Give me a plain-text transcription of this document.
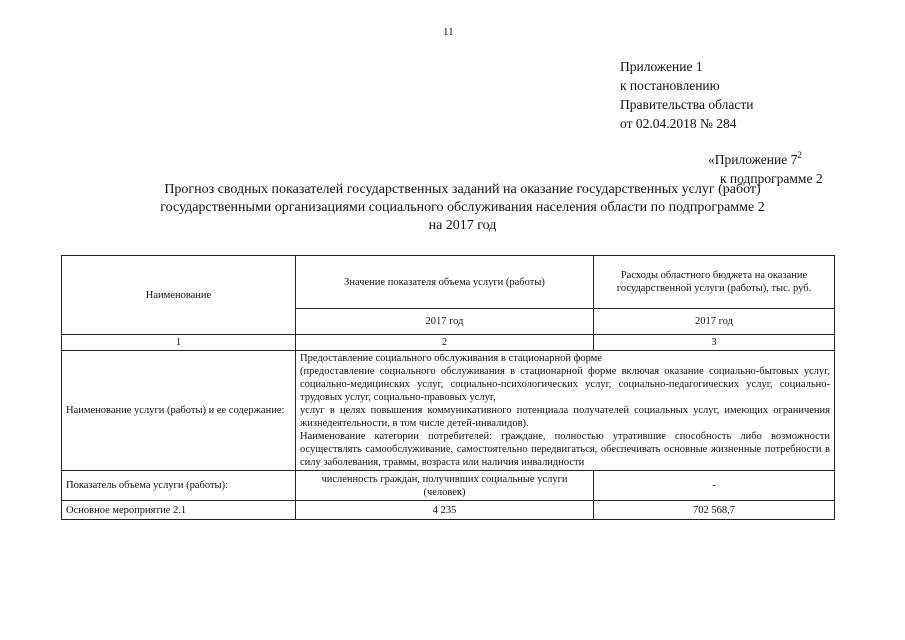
11
Приложение 1
к постановлению
Правительства области
от 02.04.2018 № 284
«Приложение $7^2$
к подпрограмме 2
Прогноз сводных показателей государственных заданий на оказание государственных услуг (работ)
государственными организациями социального обслуживания населения области по подпрограмме 2
на 2017 год
Наименование	Значение показателя объема услуги (работы)	Расходы областного бюджета на оказание государственной услуги (работы), тыс. руб.
	2017 год	2017 год
1	2	3
Наименование услуги (работы) и ее содержание:	Предоставление социального обслуживания в стационарной форме
(предоставление социального обслуживания в стационарной форме включая оказание социально-бытовых услуг, социально-медицинских услуг, социально-психологических услуг, социально-педагогических услуг, социально-трудовых услуг, социально-правовых услуг,
услуг в целях повышения коммуникативного потенциала получателей социальных услуг, имеющих ограничения жизнедеятельности, в том числе детей-инвалидов).
Наименование категории потребителей: граждане, полностью утратившие способность либо возможности осуществлять самообслуживание, самостоятельно передвигаться, обеспечивать основные жизненные потребности в силу заболевания, травмы, возраста или наличия инвалидности	

Показатель объема услуги (работы):	численность граждан, получивших социальные услуги (человек)	-
Основное мероприятие 2.1	4 235	702 568,7
